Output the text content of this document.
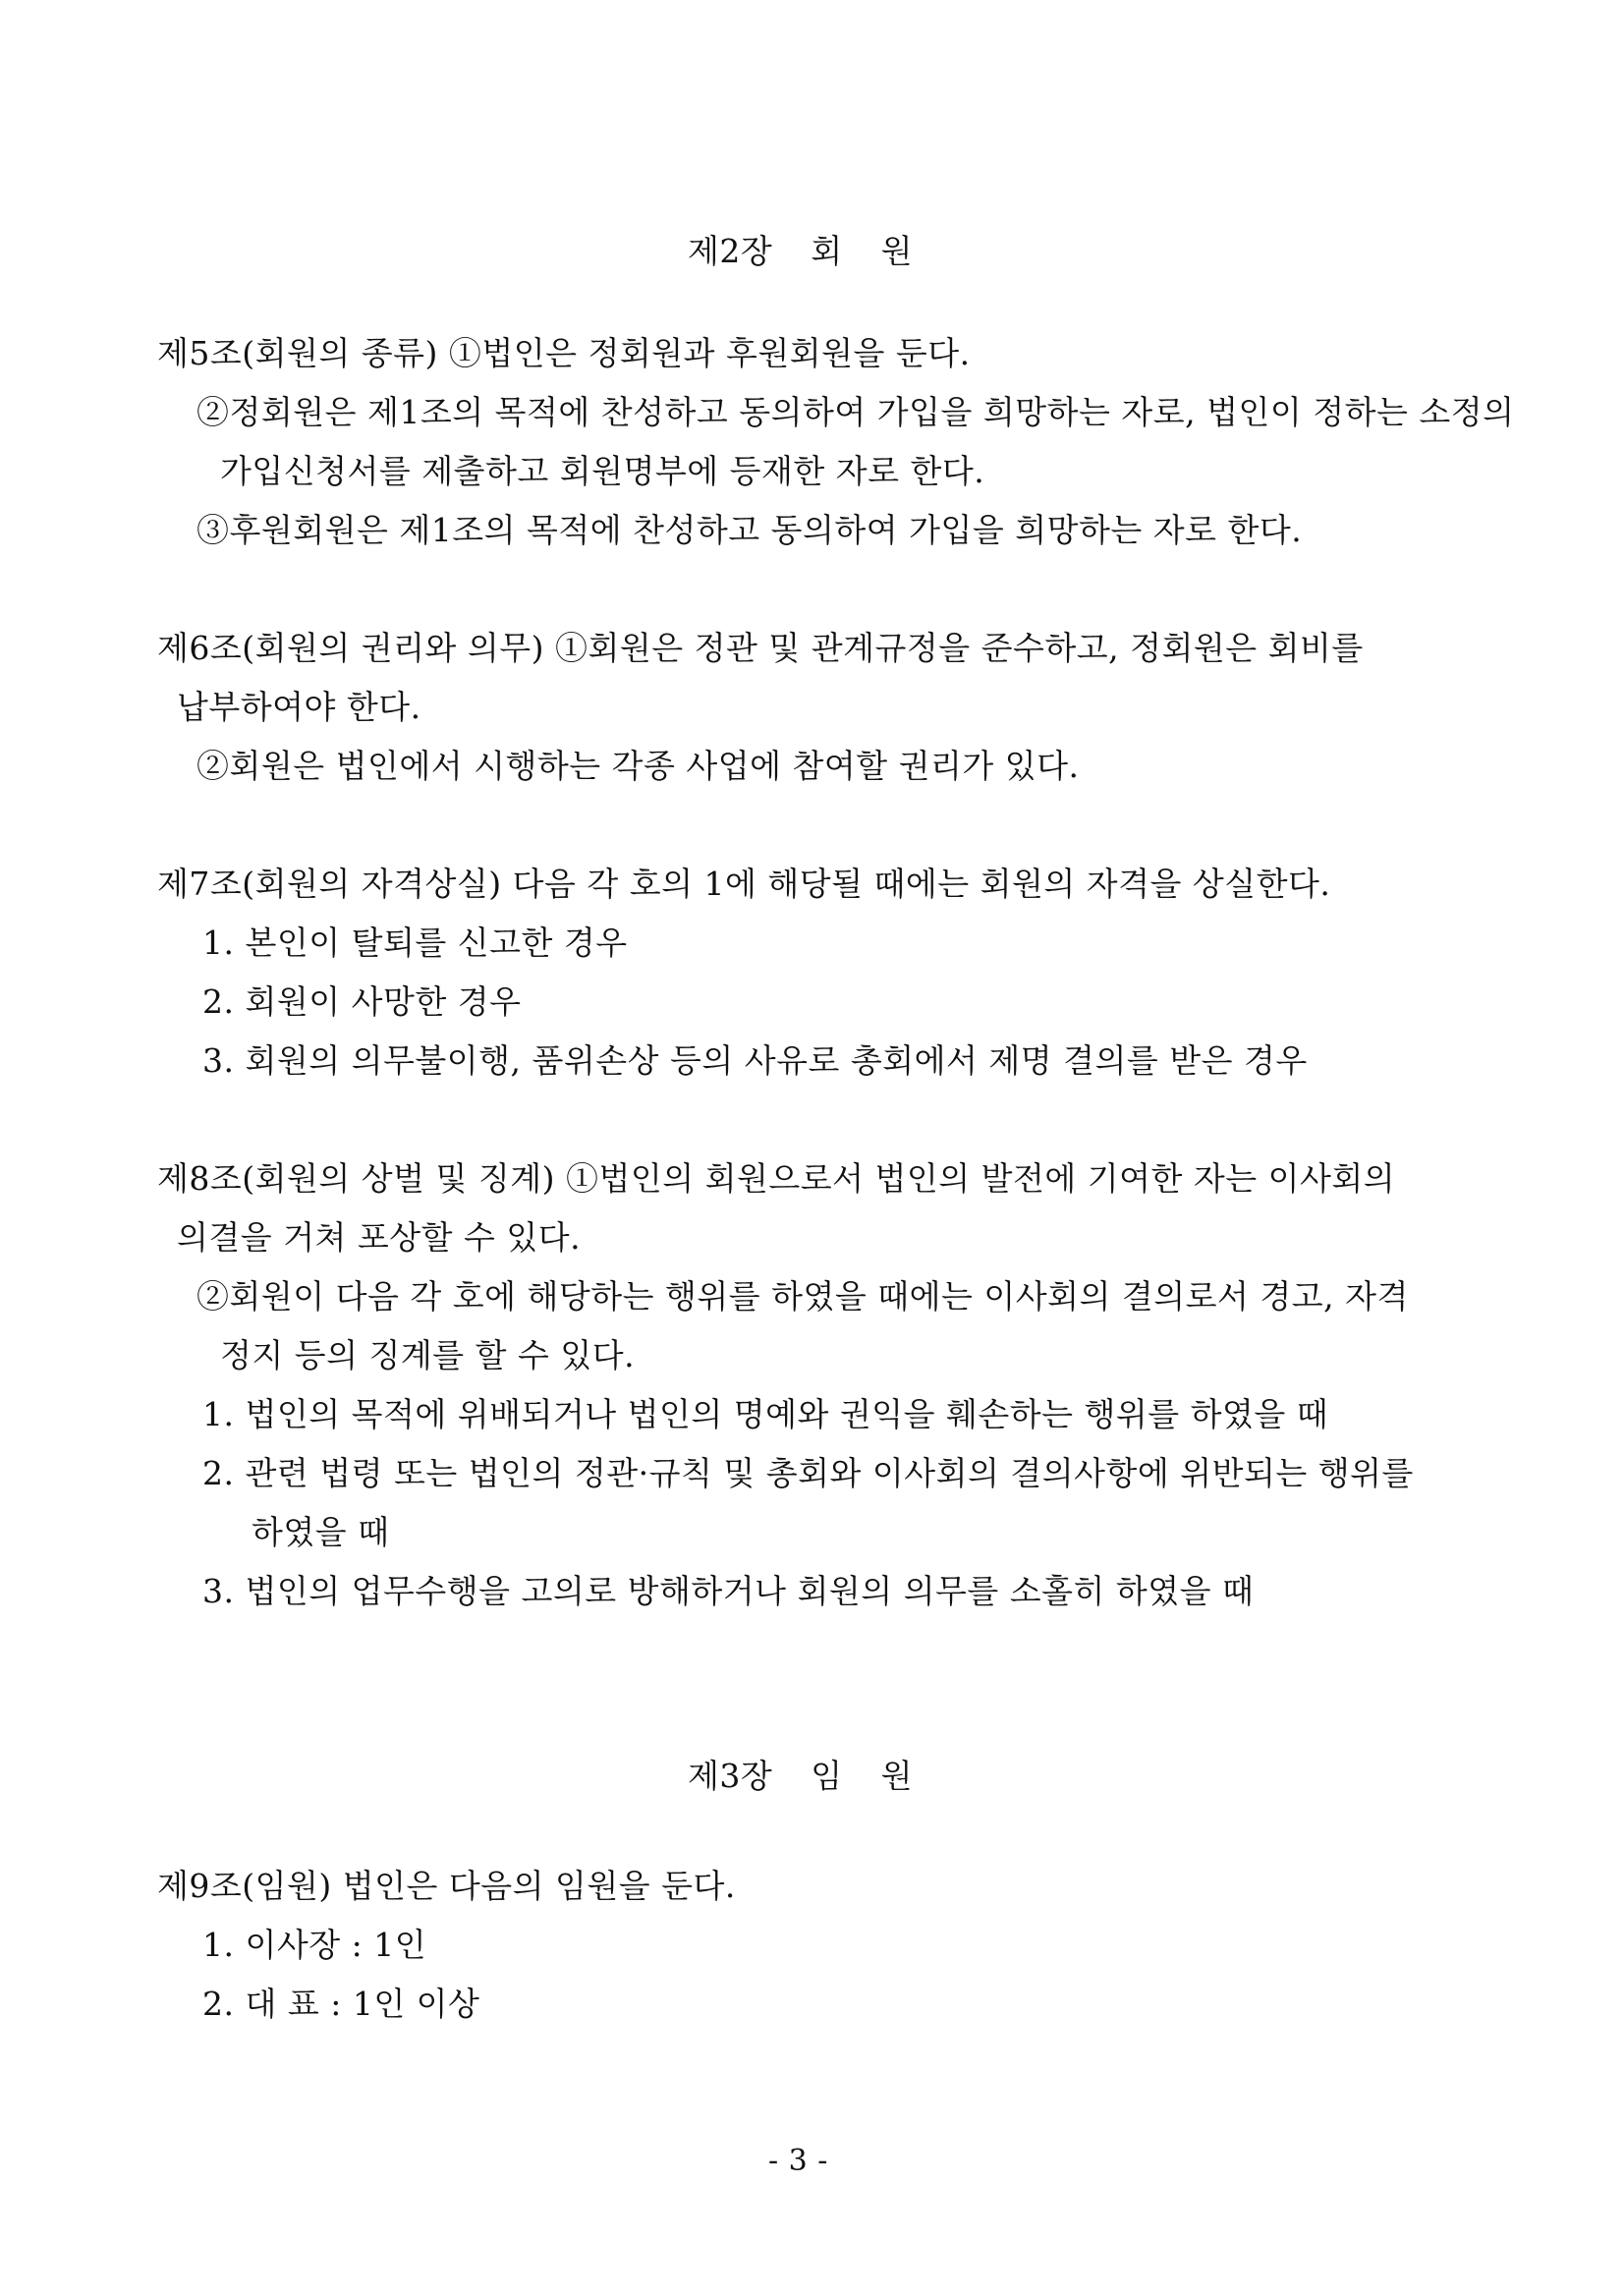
제2장 회 원
제5조(회원의 종류) ①법인은 정회원과 후원회원을 둔다.
②정회원은 제1조의 목적에 찬성하고 동의하여 가입을 희망하는 자로, 법인이 정하는 소정의
가입신청서를 제출하고 회원명부에 등재한 자로 한다.
③후원회원은 제1조의 목적에 찬성하고 동의하여 가입을 희망하는 자로 한다.
제6조(회원의 권리와 의무) ①회원은 정관 및 관계규정을 준수하고, 정회원은 회비를
납부하여야 한다.
②회원은 법인에서 시행하는 각종 사업에 참여할 권리가 있다.
제7조(회원의 자격상실) 다음 각 호의 1에 해당될 때에는 회원의 자격을 상실한다.
1. 본인이 탈퇴를 신고한 경우
2. 회원이 사망한 경우
3. 회원의 의무불이행, 품위손상 등의 사유로 총회에서 제명 결의를 받은 경우
제8조(회원의 상벌 및 징계) ①법인의 회원으로서 법인의 발전에 기여한 자는 이사회의
의결을 거쳐 포상할 수 있다.
②회원이 다음 각 호에 해당하는 행위를 하였을 때에는 이사회의 결의로서 경고, 자격
정지 등의 징계를 할 수 있다.
1. 법인의 목적에 위배되거나 법인의 명예와 권익을 훼손하는 행위를 하였을 때
2. 관련 법령 또는 법인의 정관·규칙 및 총회와 이사회의 결의사항에 위반되는 행위를
하였을 때
3. 법인의 업무수행을 고의로 방해하거나 회원의 의무를 소홀히 하였을 때
제3장 임 원
제9조(임원) 법인은 다음의 임원을 둔다.
1. 이사장 : 1인
2. 대 표 : 1인 이상
- 3 -
